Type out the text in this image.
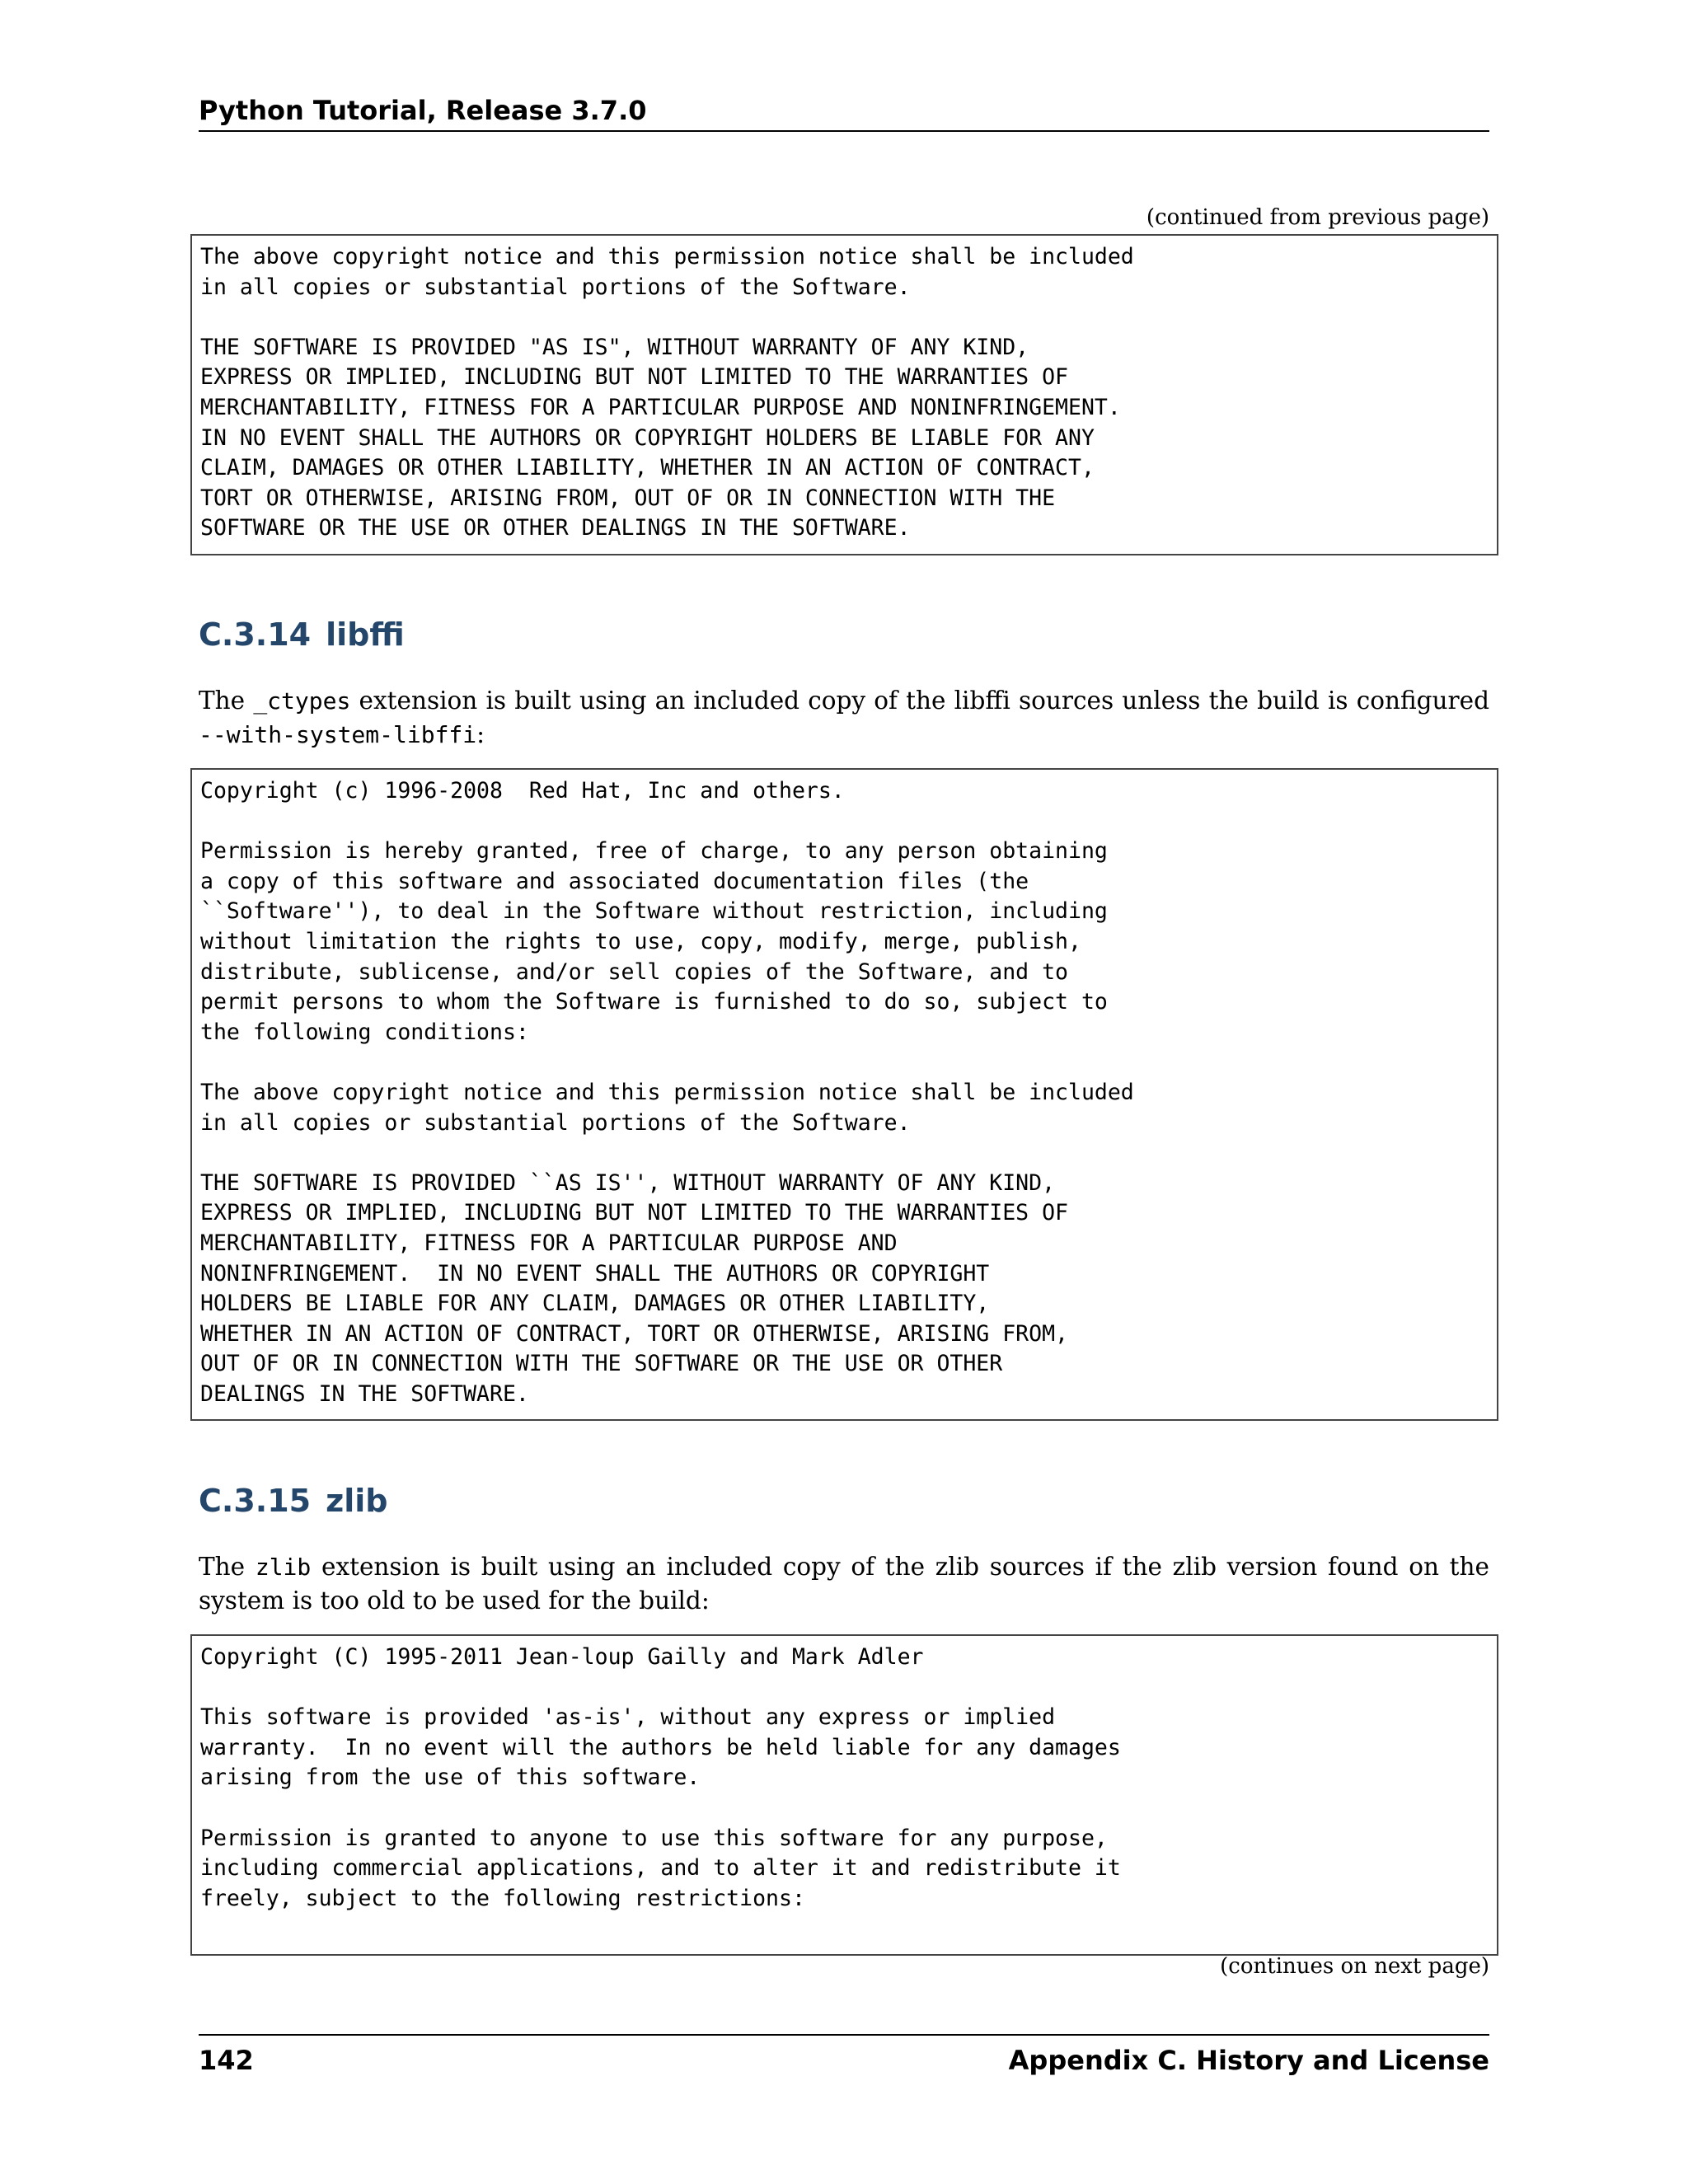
Python Tutorial, Release 3.7.0
(continued from previous page)
The above copyright notice and this permission notice shall be included
in all copies or substantial portions of the Software.

THE SOFTWARE IS PROVIDED "AS IS", WITHOUT WARRANTY OF ANY KIND,
EXPRESS OR IMPLIED, INCLUDING BUT NOT LIMITED TO THE WARRANTIES OF
MERCHANTABILITY, FITNESS FOR A PARTICULAR PURPOSE AND NONINFRINGEMENT.
IN NO EVENT SHALL THE AUTHORS OR COPYRIGHT HOLDERS BE LIABLE FOR ANY
CLAIM, DAMAGES OR OTHER LIABILITY, WHETHER IN AN ACTION OF CONTRACT,
TORT OR OTHERWISE, ARISING FROM, OUT OF OR IN CONNECTION WITH THE
SOFTWARE OR THE USE OR OTHER DEALINGS IN THE SOFTWARE.
C.3.14 libffi
The _ctypes extension is built using an included copy of the libffi sources unless the build is configured --with-system-libffi:
Copyright (c) 1996-2008  Red Hat, Inc and others.

Permission is hereby granted, free of charge, to any person obtaining
a copy of this software and associated documentation files (the
``Software''), to deal in the Software without restriction, including
without limitation the rights to use, copy, modify, merge, publish,
distribute, sublicense, and/or sell copies of the Software, and to
permit persons to whom the Software is furnished to do so, subject to
the following conditions:

The above copyright notice and this permission notice shall be included
in all copies or substantial portions of the Software.

THE SOFTWARE IS PROVIDED ``AS IS'', WITHOUT WARRANTY OF ANY KIND,
EXPRESS OR IMPLIED, INCLUDING BUT NOT LIMITED TO THE WARRANTIES OF
MERCHANTABILITY, FITNESS FOR A PARTICULAR PURPOSE AND
NONINFRINGEMENT.  IN NO EVENT SHALL THE AUTHORS OR COPYRIGHT
HOLDERS BE LIABLE FOR ANY CLAIM, DAMAGES OR OTHER LIABILITY,
WHETHER IN AN ACTION OF CONTRACT, TORT OR OTHERWISE, ARISING FROM,
OUT OF OR IN CONNECTION WITH THE SOFTWARE OR THE USE OR OTHER
DEALINGS IN THE SOFTWARE.
C.3.15 zlib
The zlib extension is built using an included copy of the zlib sources if the zlib version found on the system is too old to be used for the build:
Copyright (C) 1995-2011 Jean-loup Gailly and Mark Adler

This software is provided 'as-is', without any express or implied
warranty.  In no event will the authors be held liable for any damages
arising from the use of this software.

Permission is granted to anyone to use this software for any purpose,
including commercial applications, and to alter it and redistribute it
freely, subject to the following restrictions:

(continues on next page)
142	Appendix C. History and License
